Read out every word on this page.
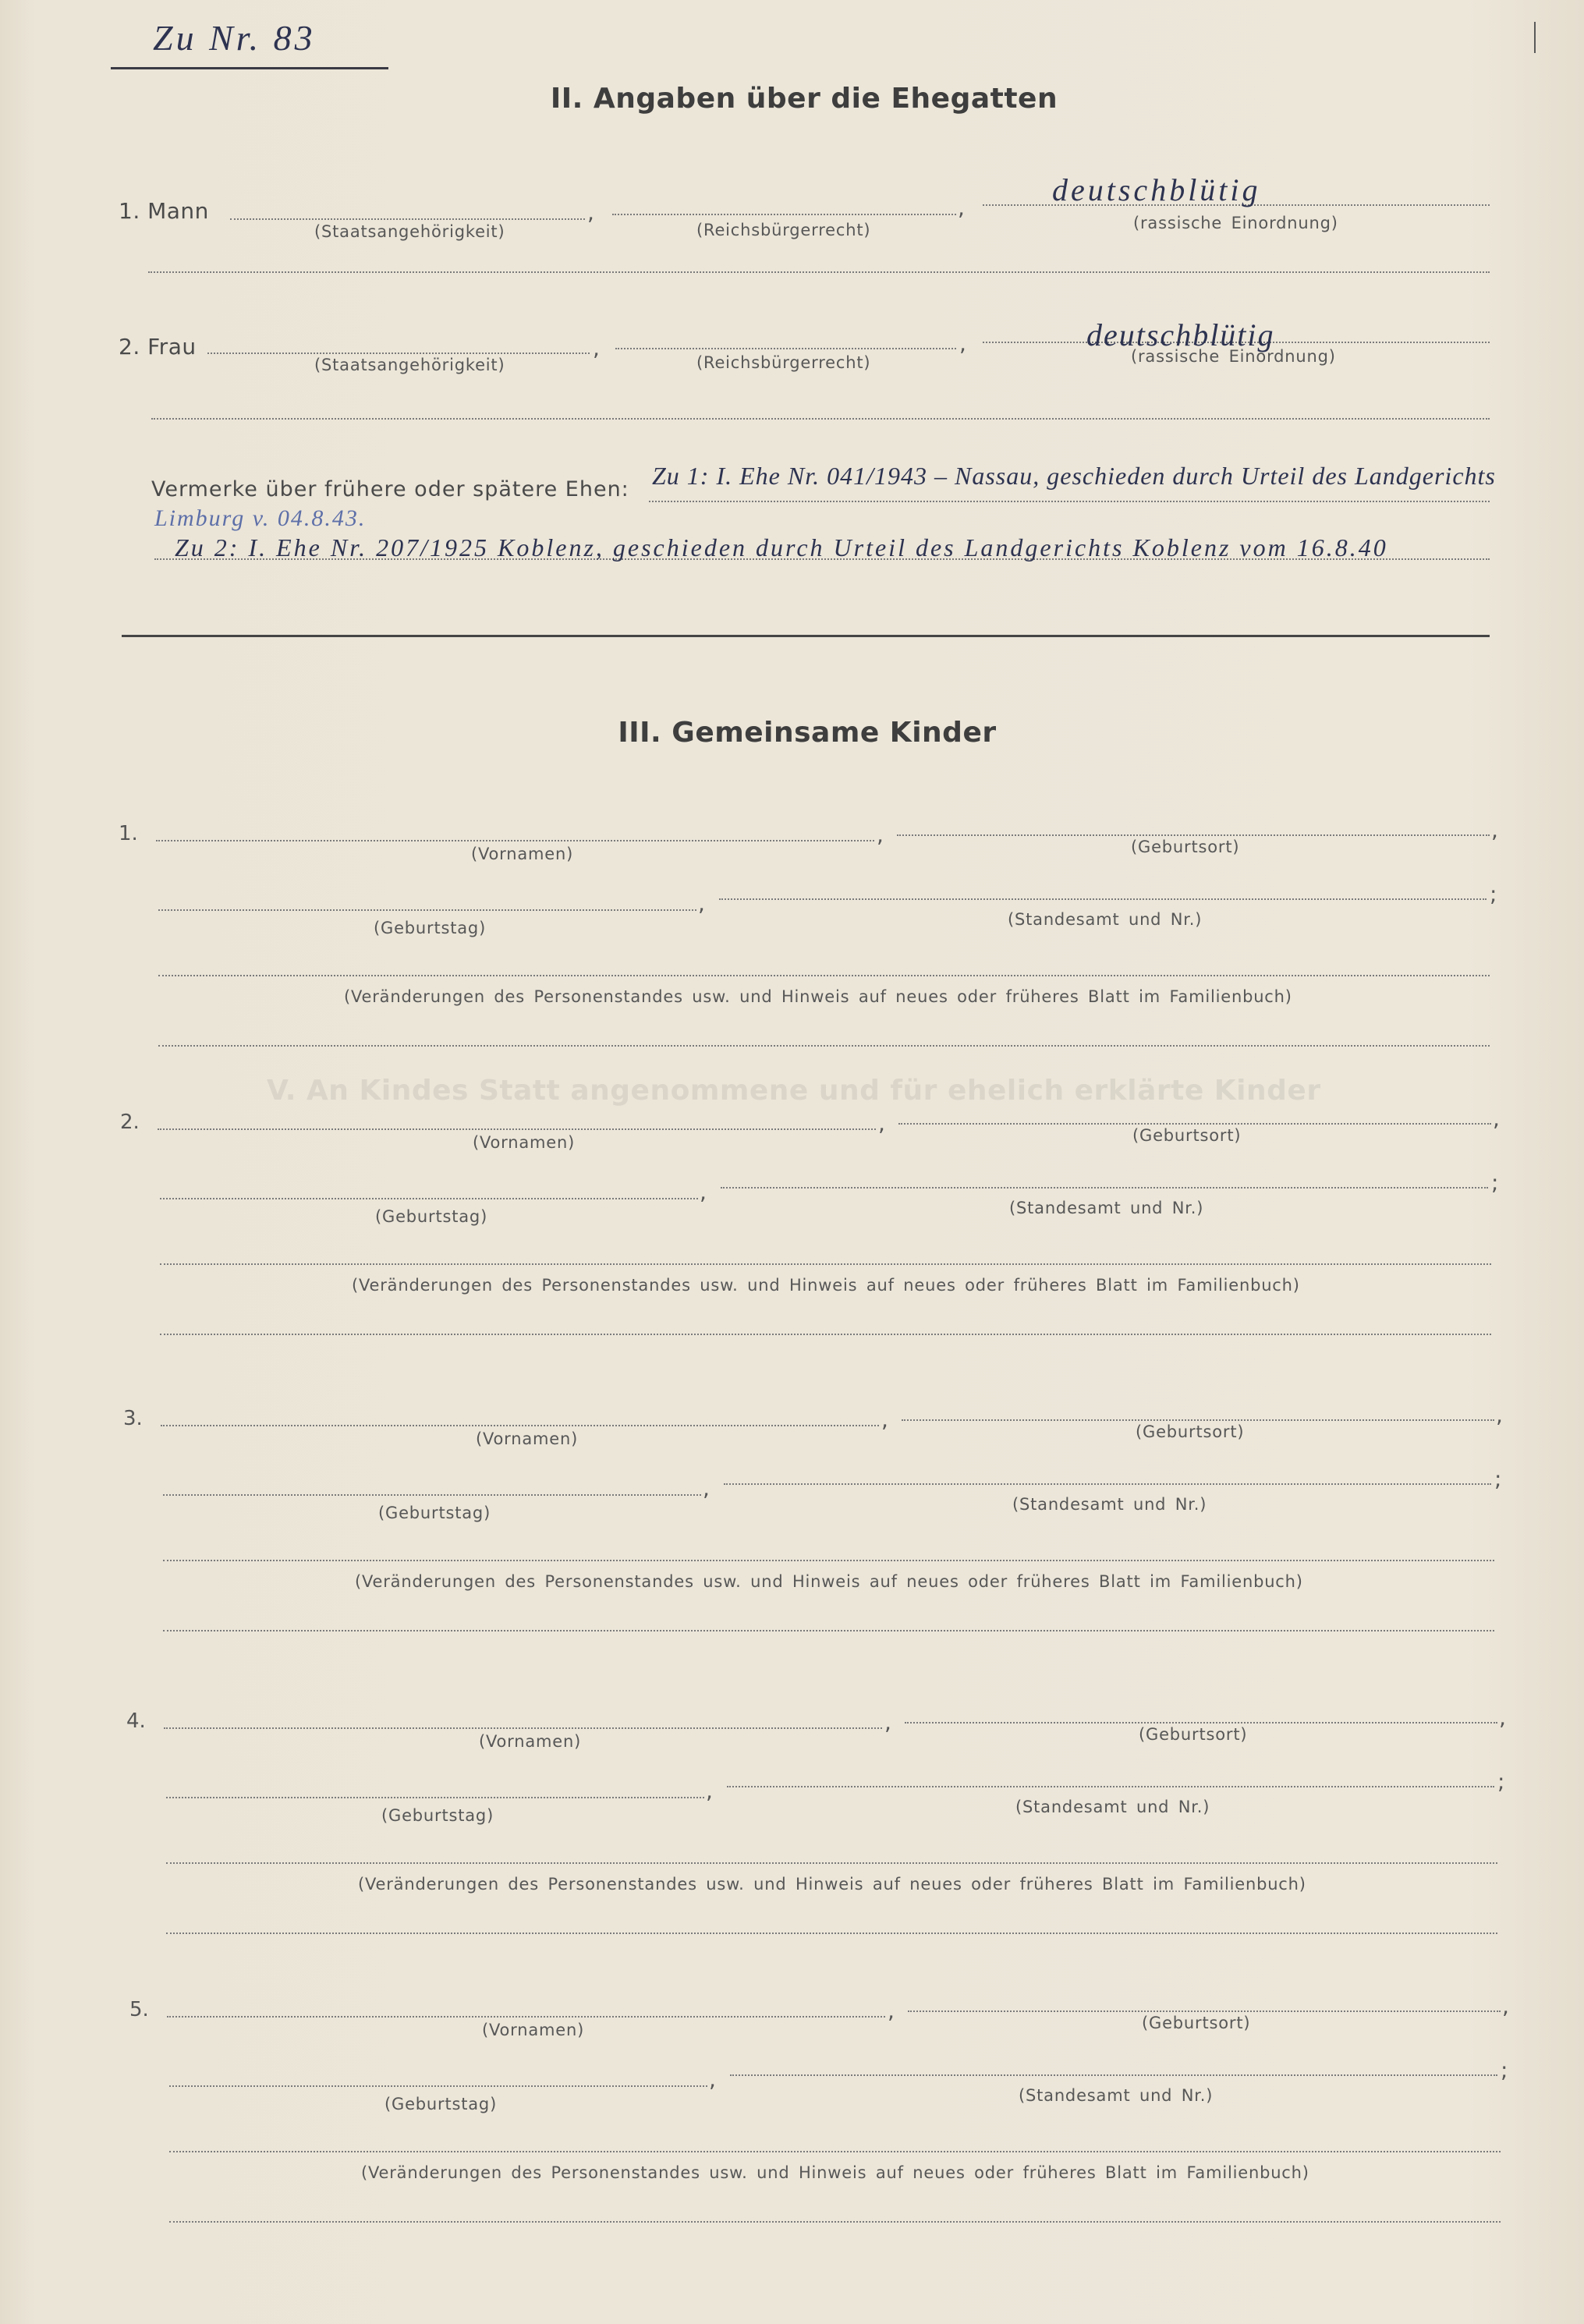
Zu Nr. 83
II. Angaben über die Ehegatten
1. Mann	,	,
(Staatsangehörigkeit)	(Reichsbürgerrecht)	(rassische Einordnung)
deutschblütig
2. Frau	,	,
(Staatsangehörigkeit)	(Reichsbürgerrecht)	(rassische Einordnung)
deutschblütig
Vermerke über frühere oder spätere Ehen: Zu 1: I. Ehe Nr. 041/1943 – Nassau, geschieden durch Urteil des Landgerichts
Limburg v. 04.8.43.
Zu 2: I. Ehe Nr. 207/1925 Koblenz, geschieden durch Urteil des Landgerichts Koblenz vom 16.8.40
III. Gemeinsame Kinder
V. An Kindes Statt angenommene und für ehelich erklärte Kinder
1.	,	,
(Vornamen)	(Geburtsort)
,	;
(Geburtstag)	(Standesamt und Nr.)
(Veränderungen des Personenstandes usw. und Hinweis auf neues oder früheres Blatt im Familienbuch)
2.	,	,
(Vornamen)	(Geburtsort)
,	;
(Geburtstag)	(Standesamt und Nr.)
(Veränderungen des Personenstandes usw. und Hinweis auf neues oder früheres Blatt im Familienbuch)
3.	,	,
(Vornamen)	(Geburtsort)
,	;
(Geburtstag)	(Standesamt und Nr.)
(Veränderungen des Personenstandes usw. und Hinweis auf neues oder früheres Blatt im Familienbuch)
4.	,	,
(Vornamen)	(Geburtsort)
,	;
(Geburtstag)	(Standesamt und Nr.)
(Veränderungen des Personenstandes usw. und Hinweis auf neues oder früheres Blatt im Familienbuch)
5.	,	,
(Vornamen)	(Geburtsort)
,	;
(Geburtstag)	(Standesamt und Nr.)
(Veränderungen des Personenstandes usw. und Hinweis auf neues oder früheres Blatt im Familienbuch)
